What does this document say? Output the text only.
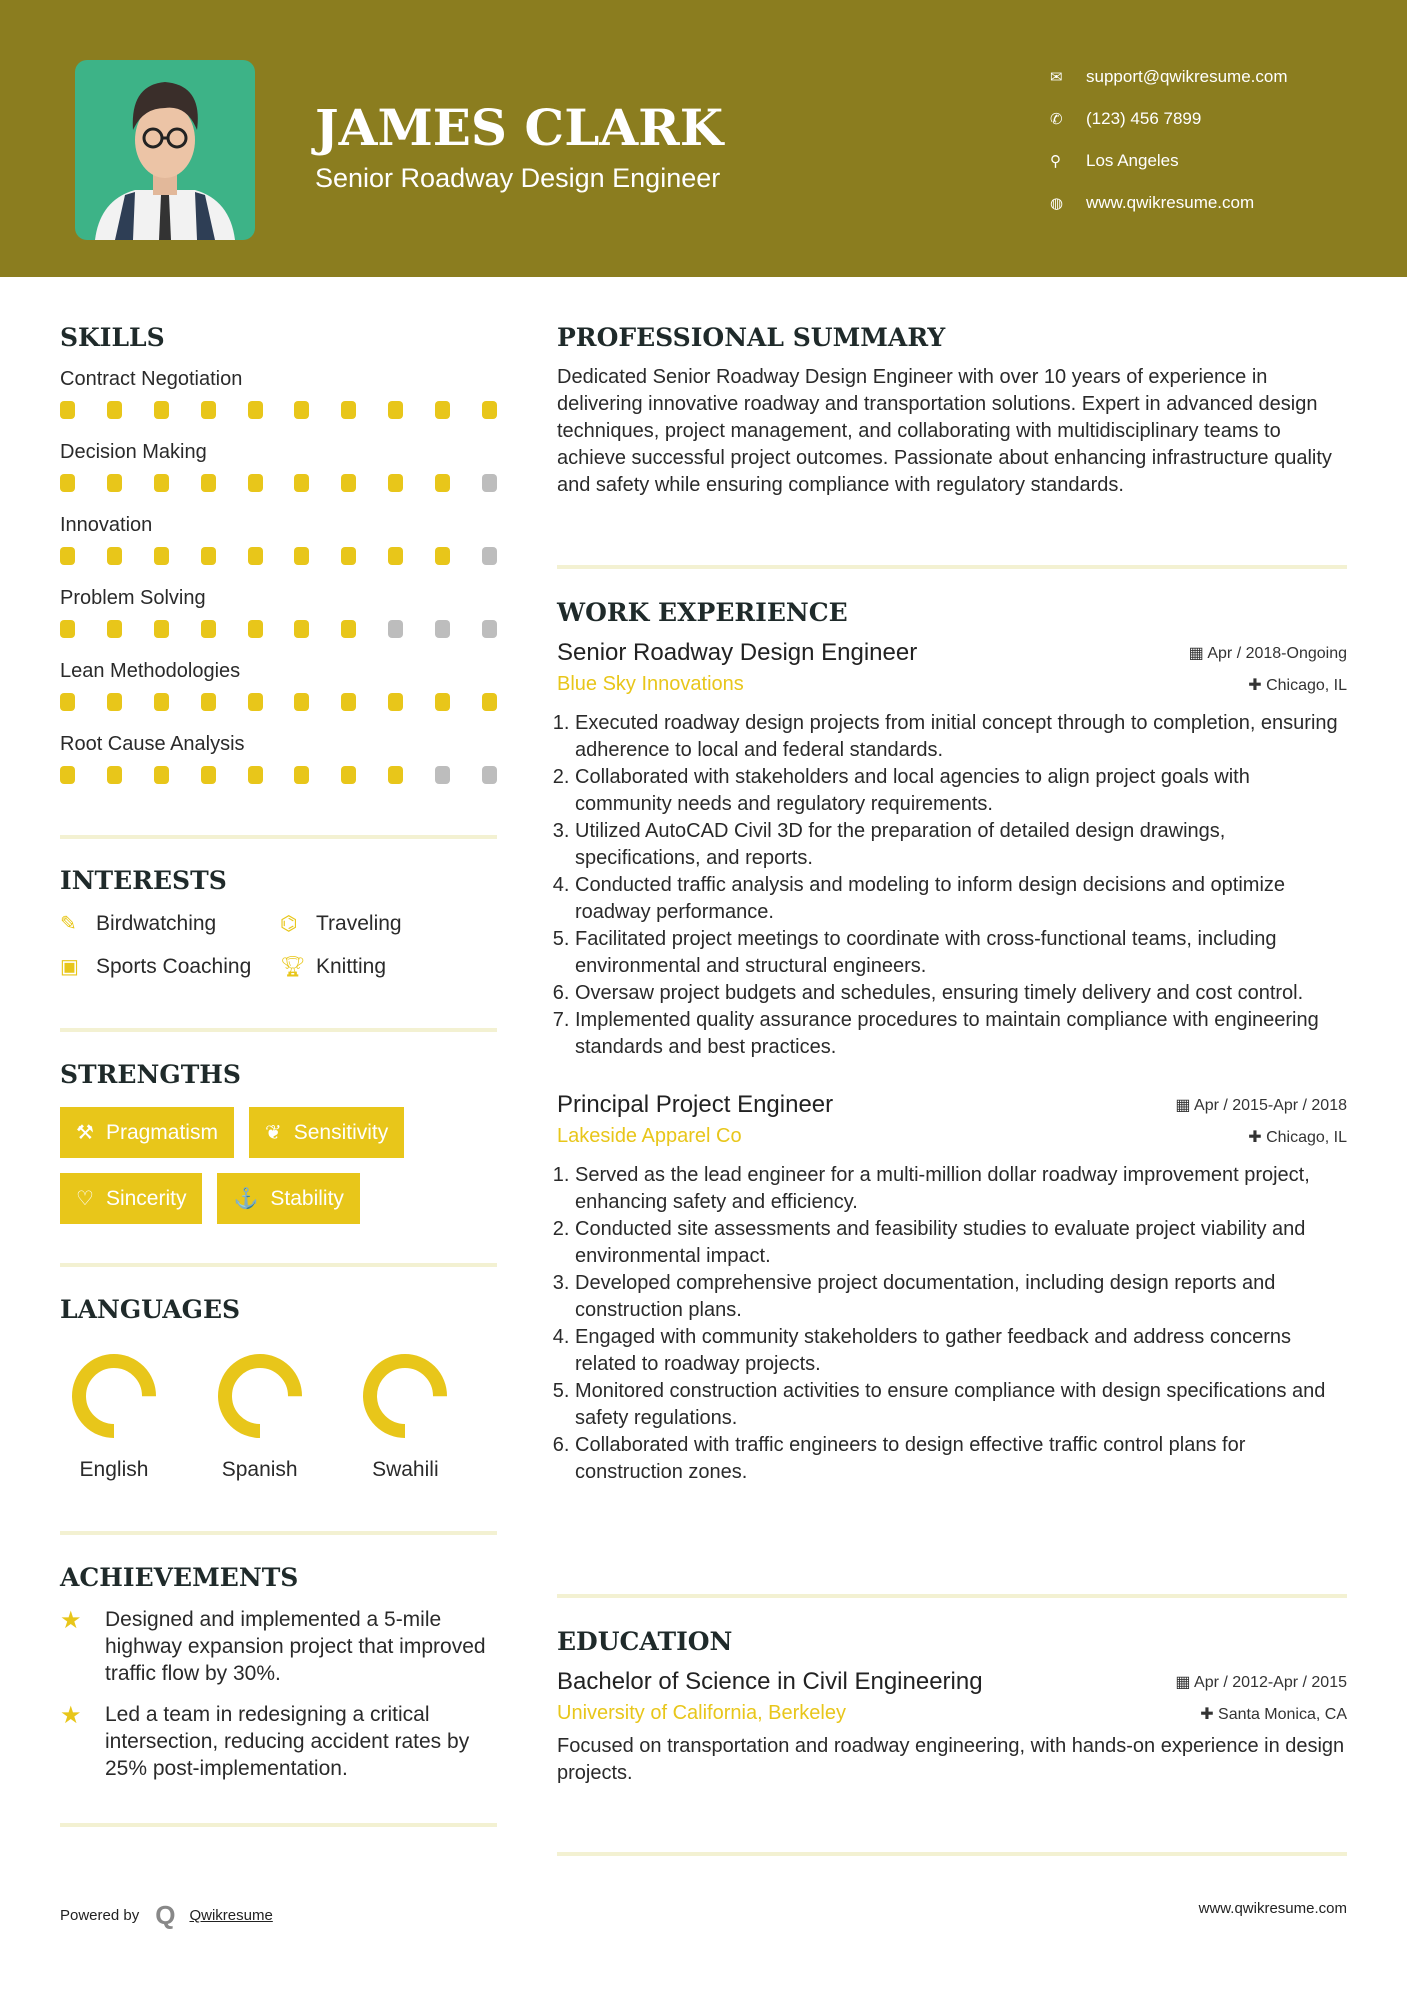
JAMES CLARK
Senior Roadway Design Engineer
✉	support@qwikresume.com
✆	(123) 456 7899
⚲	Los Angeles
◍	www.qwikresume.com
SKILLS
Contract Negotiation
Decision Making
Innovation
Problem Solving
Lean Methodologies
Root Cause Analysis
INTERESTS
✎ Birdwatching	⌬ Traveling
▣ Sports Coaching 🏆︎ Knitting
STRENGTHS
⚒ Pragmatism ❦ Sensitivity
♡ Sincerity ⚓ Stability
LANGUAGES
English	Spanish	Swahili
ACHIEVEMENTS
★	Designed and implemented a 5-mile highway expansion project that improved traffic flow by 30%.
★	Led a team in redesigning a critical intersection, reducing accident rates by 25% post-implementation.
PROFESSIONAL SUMMARY
Dedicated Senior Roadway Design Engineer with over 10 years of experience in delivering innovative roadway and transportation solutions. Expert in advanced design techniques, project management, and collaborating with multidisciplinary teams to achieve successful project outcomes. Passionate about enhancing infrastructure quality and safety while ensuring compliance with regulatory standards.
WORK EXPERIENCE
Senior Roadway Design Engineer	▦ Apr / 2018-Ongoing
Blue Sky Innovations	✚ Chicago, IL
1. Executed roadway design projects from initial concept through to completion, ensuring adherence to local and federal standards.
2. Collaborated with stakeholders and local agencies to align project goals with community needs and regulatory requirements.
3. Utilized AutoCAD Civil 3D for the preparation of detailed design drawings, specifications, and reports.
4. Conducted traffic analysis and modeling to inform design decisions and optimize roadway performance.
5. Facilitated project meetings to coordinate with cross-functional teams, including environmental and structural engineers.
6. Oversaw project budgets and schedules, ensuring timely delivery and cost control.
7. Implemented quality assurance procedures to maintain compliance with engineering standards and best practices.
Principal Project Engineer	▦ Apr / 2015-Apr / 2018
Lakeside Apparel Co	✚ Chicago, IL
1. Served as the lead engineer for a multi-million dollar roadway improvement project, enhancing safety and efficiency.
2. Conducted site assessments and feasibility studies to evaluate project viability and environmental impact.
3. Developed comprehensive project documentation, including design reports and construction plans.
4. Engaged with community stakeholders to gather feedback and address concerns related to roadway projects.
5. Monitored construction activities to ensure compliance with design specifications and safety regulations.
6. Collaborated with traffic engineers to design effective traffic control plans for construction zones.
EDUCATION
Bachelor of Science in Civil Engineering	▦ Apr / 2012-Apr / 2015
University of California, Berkeley	✚ Santa Monica, CA
Focused on transportation and roadway engineering, with hands-on experience in design projects.
Powered by Q Qwikresume	www.qwikresume.com
